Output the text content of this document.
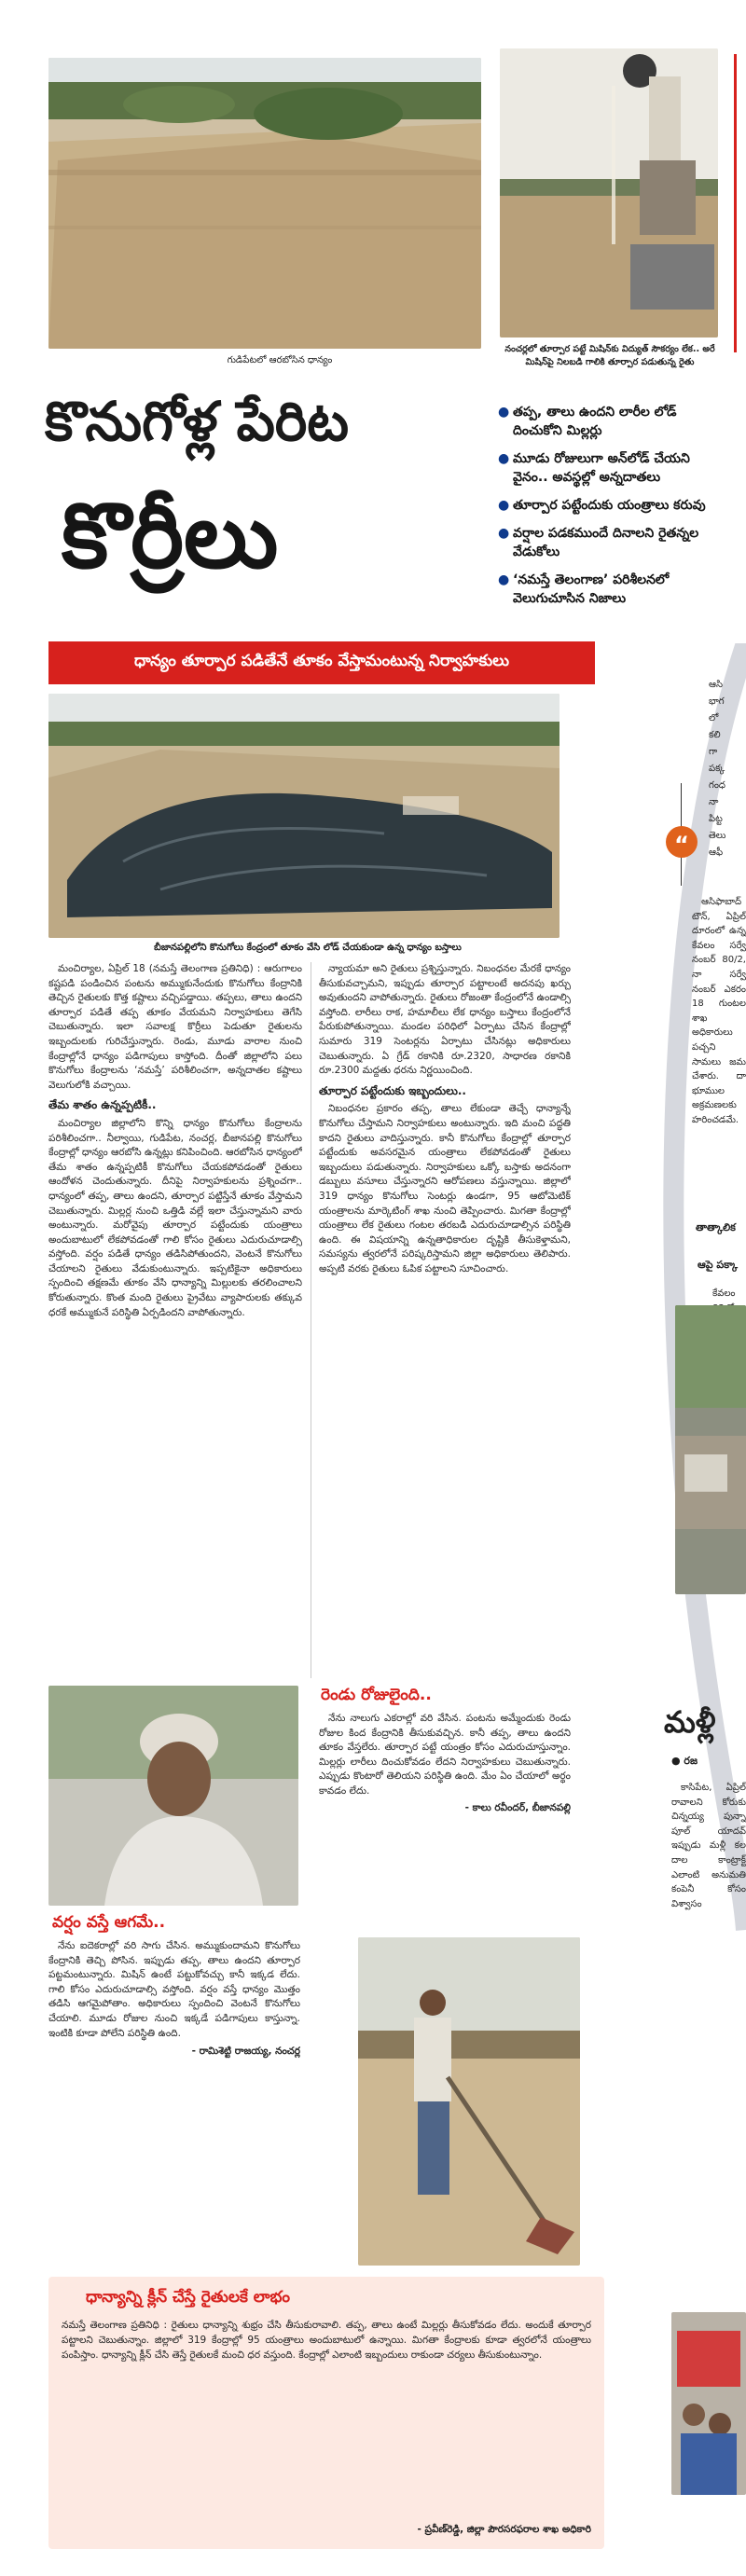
గుడిపేటలో ఆరబోసిన ధాన్యం
నంచర్లలో తూర్పార పట్టే మిషిన్‌కు విద్యుత్ సౌకర్యం లేక.. అరే మిషిన్‌పై నిలబడి గాలికి తూర్పార పడుతున్న రైతు
కొనుగోళ్ల పేరిట
కొర్రీలు
● తప్ప, తాలు ఉందని లారీల లోడ్ దించుకోని మిల్లర్లు
● మూడు రోజులుగా అన్‌లోడ్ చేయని వైనం.. అవస్థల్లో అన్నదాతలు
● తూర్పార పట్టేందుకు యంత్రాలు కరువు
● వర్షాల పడకముందే దినాలని రైతన్నల వేడుకోలు
● ‘నమస్తే తెలంగాణ’ పరిశీలనలో వెలుగుచూసిన నిజాలు
ధాన్యం తూర్పార పడితేనే తూకం వేస్తామంటున్న నిర్వాహకులు
బీజానపల్లిలోని కొనుగోలు కేంద్రంలో తూకం వేసి లోడ్ చేయకుండా ఉన్న ధాన్యం బస్తాలు

మంచిర్యాల, ఏప్రిల్ 18 (నమస్తే తెలంగాణ ప్రతినిధి) : ఆరుగాలం కష్టపడి పండించిన పంటను అమ్ముకునేందుకు కొనుగోలు కేంద్రానికి తెచ్చిన రైతులకు కొత్త కష్టాలు వచ్చిపడ్డాయి. తప్పలు, తాలు ఉందని తూర్పార పడితే తప్ప తూకం వేయమని నిర్వాహకులు తెగేసి చెబుతున్నారు. ఇలా సవాలక్ష కొర్రీలు పెడుతూ రైతులను ఇబ్బందులకు గురిచేస్తున్నారు. రెండు, మూడు వారాల నుంచి కేంద్రాల్లోనే ధాన్యం పడిగాపులు కాస్తోంది. దీంతో జిల్లాలోని పలు కొనుగోలు కేంద్రాలను ‘నమస్తే’ పరిశీలించగా, అన్నదాతల కష్టాలు వెలుగులోకి వచ్చాయి.

తేమ శాతం ఉన్నప్పటికీ..

మంచిర్యాల జిల్లాలోని కొన్ని ధాన్యం కొనుగోలు కేంద్రాలను పరిశీలించగా.. నీల్వాయి, గుడిపేట, నంచర్ల, బీజానపల్లి కొనుగోలు కేంద్రాల్లో ధాన్యం ఆరబోసి ఉన్నట్లు కనిపించింది. ఆరబోసిన ధాన్యంలో తేమ శాతం ఉన్నప్పటికీ కొనుగోలు చేయకపోవడంతో రైతులు ఆందోళన చెందుతున్నారు. దీనిపై నిర్వాహకులను ప్రశ్నించగా.. ధాన్యంలో తప్ప, తాలు ఉందని, తూర్పార పట్టిస్తేనే తూకం వేస్తామని చెబుతున్నారు. మిల్లర్ల నుంచి ఒత్తిడి వల్లే ఇలా చేస్తున్నామని వారు అంటున్నారు. మరోవైపు తూర్పార పట్టేందుకు యంత్రాలు అందుబాటులో లేకపోవడంతో గాలి కోసం రైతులు ఎదురుచూడాల్సి వస్తోంది. వర్షం పడితే ధాన్యం తడిసిపోతుందని, వెంటనే కొనుగోలు చేయాలని రైతులు వేడుకుంటున్నారు. ఇప్పటికైనా అధికారులు స్పందించి తక్షణమే తూకం వేసి ధాన్యాన్ని మిల్లులకు తరలించాలని కోరుతున్నారు. కొంత మంది రైతులు ప్రైవేటు వ్యాపారులకు తక్కువ ధరకే అమ్ముకునే పరిస్థితి ఏర్పడిందని వాపోతున్నారు.

న్యాయమా అని రైతులు ప్రశ్నిస్తున్నారు. నిబంధనల మేరకే ధాన్యం తీసుకువచ్చామని, ఇప్పుడు తూర్పార పట్టాలంటే అదనపు ఖర్చు అవుతుందని వాపోతున్నారు. రైతులు రోజంతా కేంద్రంలోనే ఉండాల్సి వస్తోంది. లారీలు రాక, హమాలీలు లేక ధాన్యం బస్తాలు కేంద్రంలోనే పేరుకుపోతున్నాయి. మండల పరిధిలో ఏర్పాటు చేసిన కేంద్రాల్లో సుమారు 319 సెంటర్లను ఏర్పాటు చేసినట్లు అధికారులు చెబుతున్నారు. ఏ గ్రేడ్ రకానికి రూ.2320, సాధారణ రకానికి రూ.2300 మద్దతు ధరను నిర్ణయించింది.

తూర్పార పట్టేందుకు ఇబ్బందులు..

నిబంధనల ప్రకారం తప్ప, తాలు లేకుండా తెచ్చే ధాన్యాన్నే కొనుగోలు చేస్తామని నిర్వాహకులు అంటున్నారు. ఇది మంచి పద్ధతి కాదని రైతులు వాదిస్తున్నారు. కానీ కొనుగోలు కేంద్రాల్లో తూర్పార పట్టేందుకు అవసరమైన యంత్రాలు లేకపోవడంతో రైతులు ఇబ్బందులు పడుతున్నారు. నిర్వాహకులు ఒక్కో బస్తాకు అదనంగా డబ్బులు వసూలు చేస్తున్నారని ఆరోపణలు వస్తున్నాయి. జిల్లాలో 319 ధాన్యం కొనుగోలు సెంటర్లు ఉండగా, 95 ఆటోమెటిక్ యంత్రాలను మార్కెటింగ్ శాఖ నుంచి తెప్పించారు. మిగతా కేంద్రాల్లో యంత్రాలు లేక రైతులు గంటల తరబడి ఎదురుచూడాల్సిన పరిస్థితి ఉంది. ఈ విషయాన్ని ఉన్నతాధికారుల దృష్టికి తీసుకెళ్తామని, సమస్యను త్వరలోనే పరిష్కరిస్తామని జిల్లా అధికారులు తెలిపారు. అప్పటి వరకు రైతులు ఓపిక పట్టాలని సూచించారు.

వర్షం వస్తే ఆగమే..

నేను ఐదెకరాల్లో వరి సాగు చేసిన. అమ్ముకుందామని కొనుగోలు కేంద్రానికి తెచ్చి పోసిన. ఇప్పుడు తప్ప, తాలు ఉందని తూర్పార పట్టమంటున్నారు. మిషిన్ ఉంటే పట్టుకోవచ్చు కానీ ఇక్కడ లేదు. గాలి కోసం ఎదురుచూడాల్సి వస్తోంది. వర్షం వస్తే ధాన్యం మొత్తం తడిసి ఆగమైపోతాం. అధికారులు స్పందించి వెంటనే కొనుగోలు చేయాలి. మూడు రోజుల నుంచి ఇక్కడే పడిగాపులు కాస్తున్నా. ఇంటికి కూడా పోలేని పరిస్థితి ఉంది.

- రామిశెట్టి రాజయ్య, నంచర్ల
రెండు రోజులైంది..

నేను నాలుగు ఎకరాల్లో వరి వేసిన. పంటను అమ్మేందుకు రెండు రోజుల కింద కేంద్రానికి తీసుకువచ్చిన. కానీ తప్ప, తాలు ఉందని తూకం వేస్తలేరు. తూర్పార పట్టే యంత్రం కోసం ఎదురుచూస్తున్నాం. మిల్లర్లు లారీలు దించుకోవడం లేదని నిర్వాహకులు చెబుతున్నారు. ఎప్పుడు కొంటారో తెలియని పరిస్థితి ఉంది. మేం ఏం చేయాలో అర్థం కావడం లేదు.

- కాలు రవీందర్, బీజానపల్లి
ధాన్యాన్ని క్లీన్ చేస్తే రైతులకే లాభం
నమస్తే తెలంగాణ ప్రతినిధి : రైతులు ధాన్యాన్ని శుభ్రం చేసి తీసుకురావాలి. తప్ప, తాలు ఉంటే మిల్లర్లు తీసుకోవడం లేదు. అందుకే తూర్పార పట్టాలని చెబుతున్నాం. జిల్లాలో 319 కేంద్రాల్లో 95 యంత్రాలు అందుబాటులో ఉన్నాయి. మిగతా కేంద్రాలకు కూడా త్వరలోనే యంత్రాలు పంపిస్తాం. ధాన్యాన్ని క్లీన్ చేసి తెస్తే రైతులకే మంచి ధర వస్తుంది. కేంద్రాల్లో ఎలాంటి ఇబ్బందులు రాకుండా చర్యలు తీసుకుంటున్నాం.
- ప్రవీణ్‌రెడ్డి, జిల్లా పౌరసరఫరాల శాఖ అధికారి
ఆసి
భాగ
లో
కలి
గా
పక్క
గంధ
నా
పిట్ట
తెలు
ఆఫీ
“

ఆసిఫాబాద్ టౌన్, ఏప్రిల్ దూరంలో ఉన్న కేవలం సర్వే నంబర్ 80/2, నా సర్వే నంబర్ ఎకరం 18 గుంటల శాఖ అధికారులు పచ్చని సామలు జమ చేశారు. దా భూముల అక్రమణలకు హరించడమే.

తాత్కాలిక
ఆపై పక్కా
కేవలం
మళ్లీ
● రజ

కాసిపేట, ఏప్రిల్ రావాలని కోరుకు చిన్నయ్య పున్నా పూల్ యాదవ్ ఇప్పుడు మళ్లీ కల దాల కాంట్రాక్ట్ ఎలాంటి అనుమతి కంపెనీ కోసం విశ్వాసం
